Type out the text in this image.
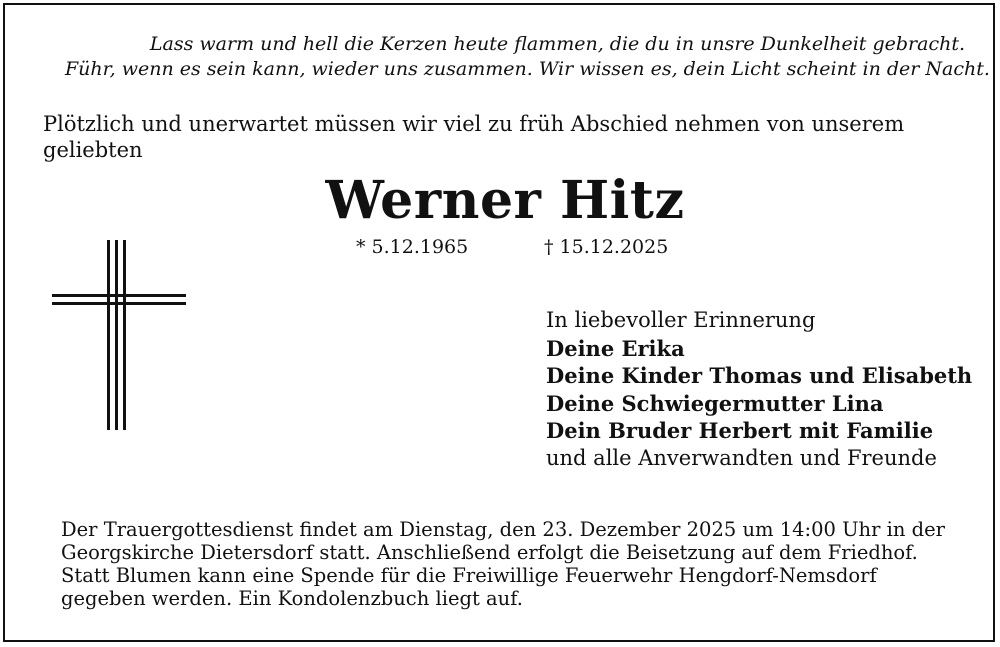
Lass warm und hell die Kerzen heute flammen, die du in unsre Dunkelheit gebracht.
Führ, wenn es sein kann, wieder uns zusammen. Wir wissen es, dein Licht scheint in der Nacht.
Plötzlich und unerwartet müssen wir viel zu früh Abschied nehmen von unserem
geliebten
Werner Hitz
* 5.12.1965	† 15.12.2025
In liebevoller Erinnerung
Deine Erika
Deine Kinder Thomas und Elisabeth
Deine Schwiegermutter Lina
Dein Bruder Herbert mit Familie
und alle Anverwandten und Freunde
Der Trauergottesdienst findet am Dienstag, den 23. Dezember 2025 um 14:00 Uhr in der
Georgskirche Dietersdorf statt. Anschließend erfolgt die Beisetzung auf dem Friedhof.
Statt Blumen kann eine Spende für die Freiwillige Feuerwehr Hengdorf-Nemsdorf
gegeben werden. Ein Kondolenzbuch liegt auf.
